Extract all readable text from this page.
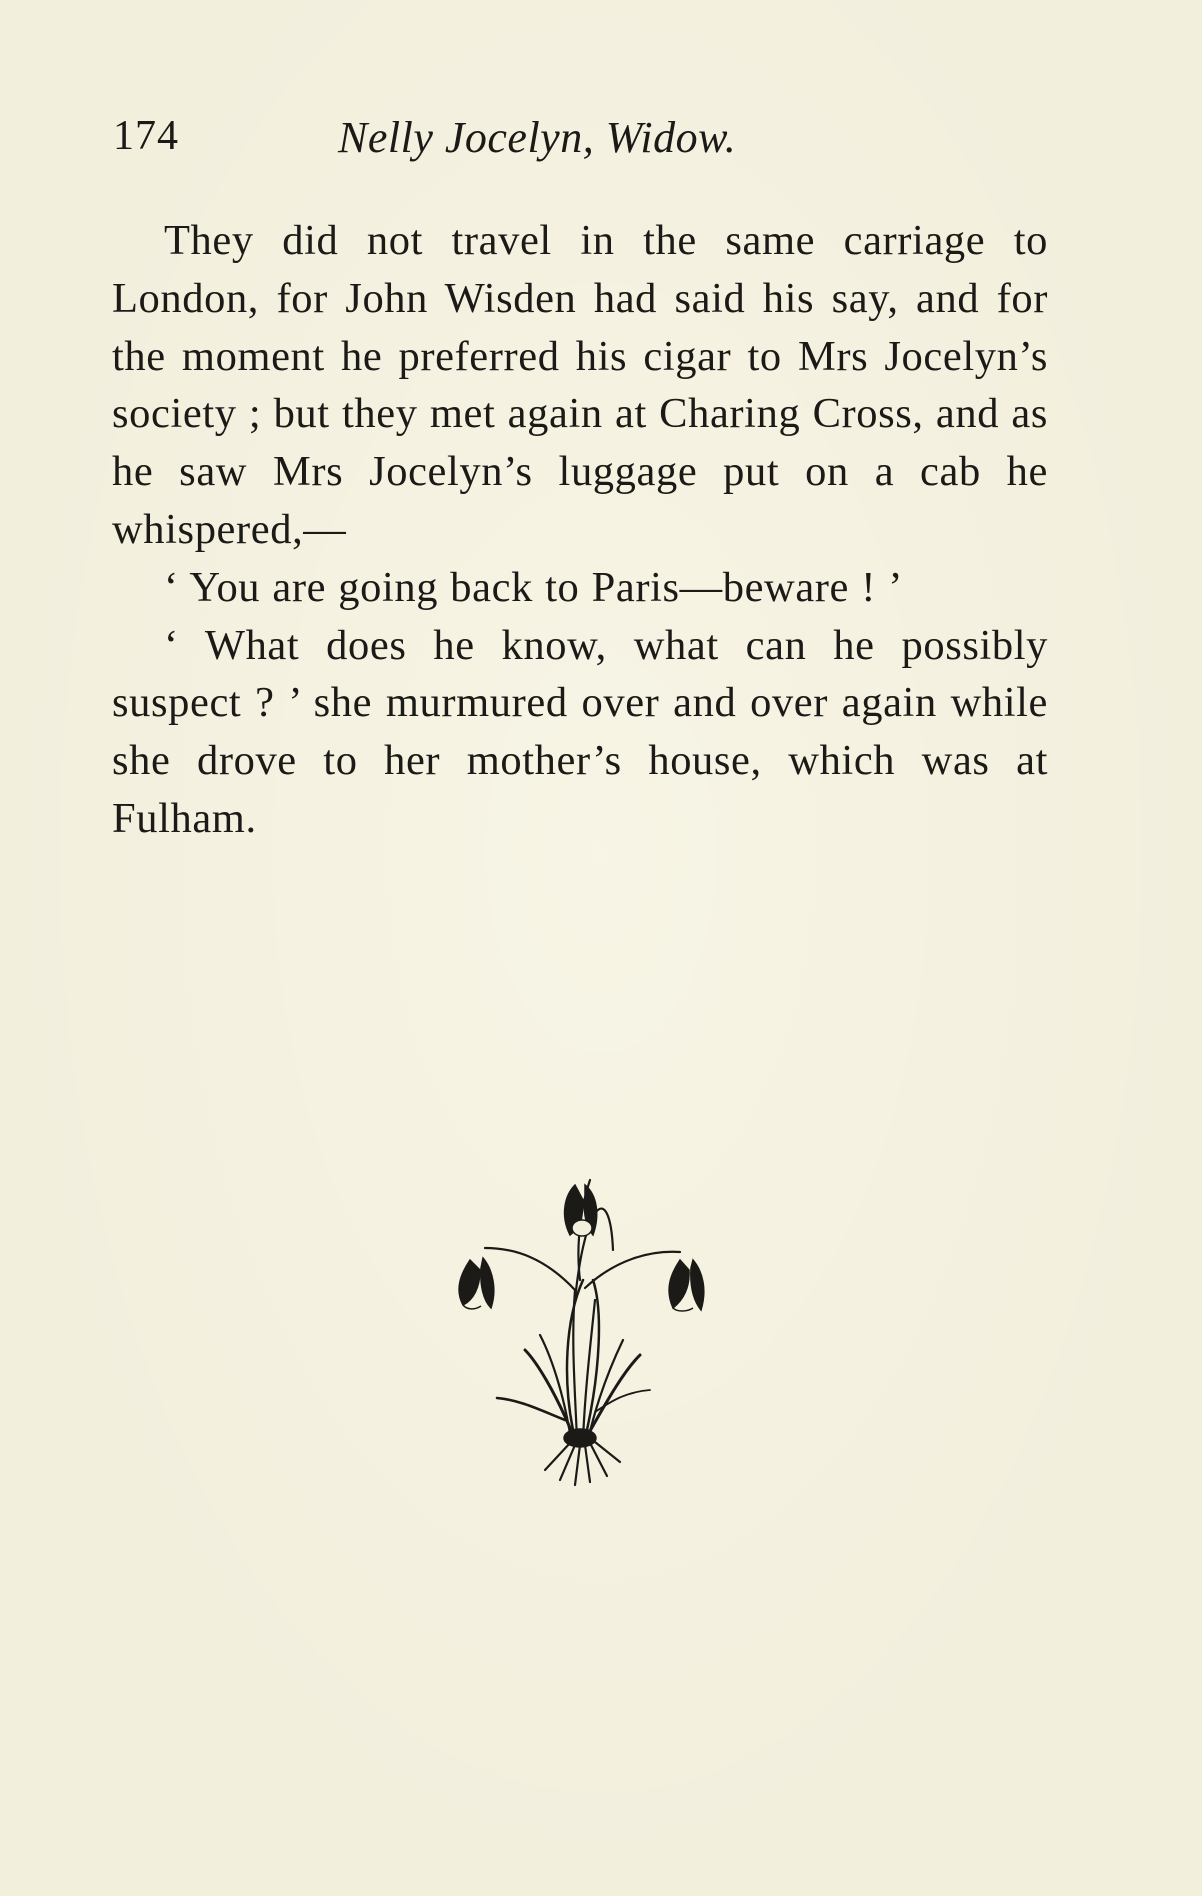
174	Nelly Jocelyn, Widow.

They did not travel in the same carriage to London, for John Wisden had said his say, and for the moment he preferred his cigar to Mrs Jocelyn’s society ; but they met again at Charing Cross, and as he saw Mrs Jocelyn’s luggage put on a cab he whispered,—

‘ You are going back to Paris—beware ! ’

‘ What does he know, what can he possibly suspect ? ’ she murmured over and over again while she drove to her mother’s house, which was at Fulham.
